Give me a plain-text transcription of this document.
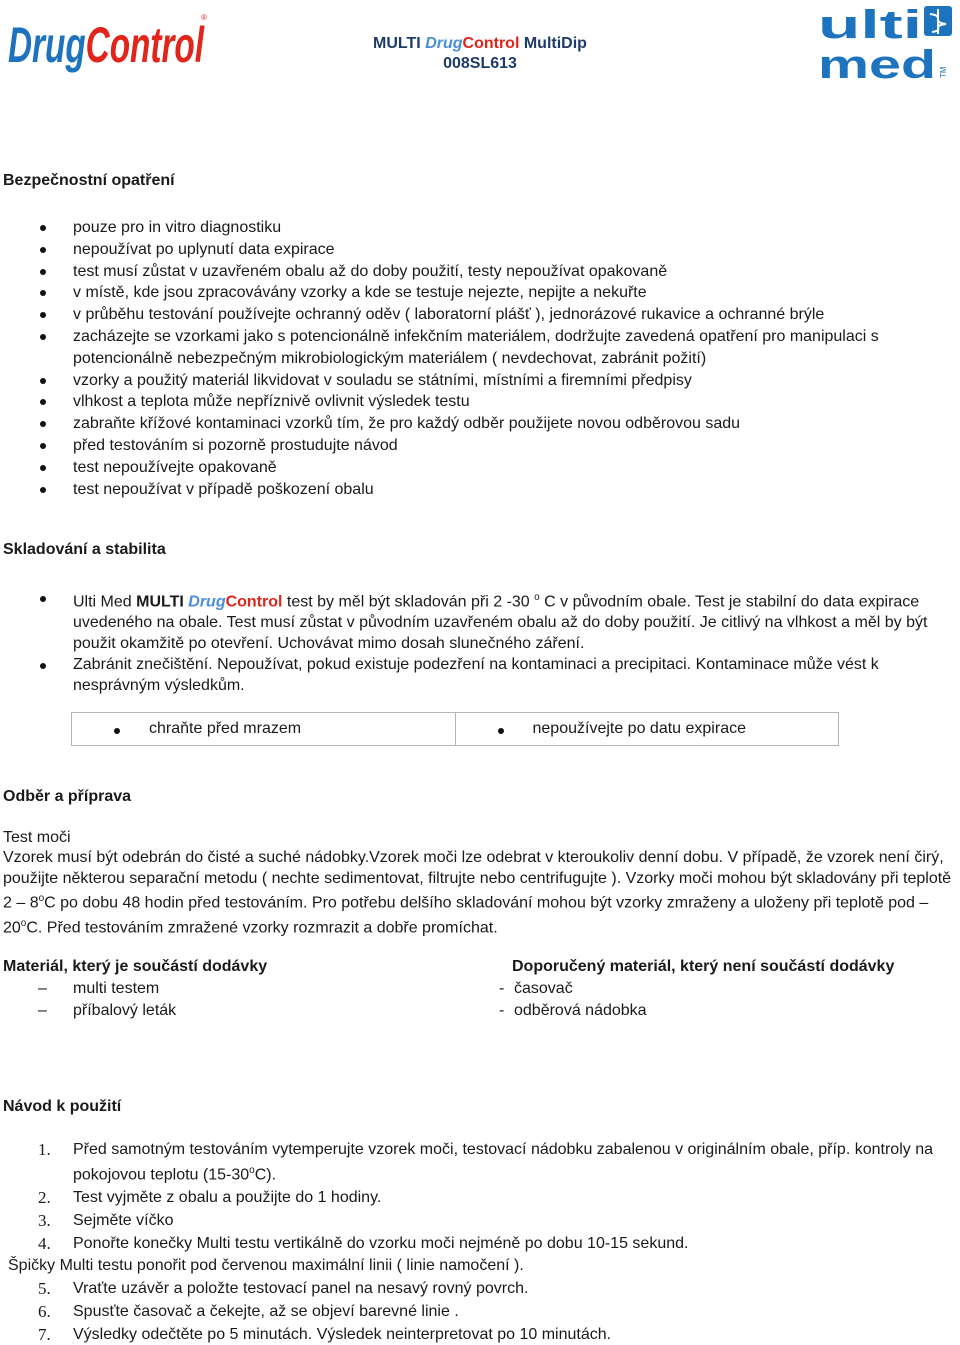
DrugCont ®
MULTI DrugControl MultiDip
008SL613
ulti
med TM
Bezpečnostní opatření
pouze pro in vitro diagnostiku
nepoužívat po uplynutí data expirace
test musí zůstat v uzavřeném obalu až do doby použití, testy nepoužívat opakovaně
v místě, kde jsou zpracovávány vzorky a kde se testuje nejezte, nepijte a nekuřte
v průběhu testování používejte ochranný oděv ( laboratorní plášť ), jednorázové rukavice a ochranné brýle
zacházejte se vzorkami jako s potencionálně infekčním materiálem, dodržujte zavedená opatření pro manipulaci s potencionálně nebezpečným mikrobiologickým materiálem ( nevdechovat, zabránit požití)
vzorky a použitý materiál likvidovat v souladu se státními, místními a firemními předpisy
vlhkost a teplota může nepříznivě ovlivnit výsledek testu
zabraňte křížové kontaminaci vzorků tím, že pro každý odběr použijete novou odběrovou sadu
před testováním si pozorně prostudujte návod
test nepoužívejte opakovaně
test nepoužívat v případě poškození obalu
Skladování a stabilita
Ulti Med MULTI DrugControl test by měl být skladován při 2 -30 $^o$ C v původním obale. Test je stabilní do data expirace uvedeného na obale. Test musí zůstat v původním uzavřeném obalu až do doby použití. Je citlivý na vlhkost a měl by být použit okamžitě po otevření. Uchovávat mimo dosah slunečného záření.
Zabránit znečištění. Nepoužívat, pokud existuje podezření na kontaminaci a precipitaci. Kontaminace může vést k nesprávným výsledkům.
chraňte před mrazem	nepoužívejte po datu expirace
Odběr a příprava
Test moči
Vzorek musí být odebrán do čisté a suché nádobky.Vzorek moči lze odebrat v kteroukoliv denní dobu. V případě, že vzorek není čirý, použijte některou separační metodu ( nechte sedimentovat, filtrujte nebo centrifugujte ). Vzorky moči mohou být skladovány při teplotě 2 – 8$^o$C po dobu 48 hodin před testováním. Pro potřebu delšího skladování mohou být vzorky zmraženy a uloženy při teplotě pod – 20$^o$C. Před testováním zmražené vzorky rozmrazit a dobře promíchat.
Materiál, který je součástí dodávky
– multi testem
– příbalový leták
Doporučený materiál, který není součástí dodávky
- časovač
- odběrová nádobka
Návod k použití
1. Před samotným testováním vytemperujte vzorek moči, testovací nádobku zabalenou v originálním obale, příp. kontroly na pokojovou teplotu (15-30$^o$C).
2. Test vyjměte z obalu a použijte do 1 hodiny.
3. Sejměte víčko
4. Ponořte konečky Multi testu vertikálně do vzorku moči nejméně po dobu 10-15 sekund.
Špičky Multi testu ponořit pod červenou maximální linii ( linie namočení ).
5. Vraťte uzávěr a položte testovací panel na nesavý rovný povrch.
6. Spusťte časovač a čekejte, až se objeví barevné linie .
7. Výsledky odečtěte po 5 minutách. Výsledek neinterpretovat po 10 minutách.
